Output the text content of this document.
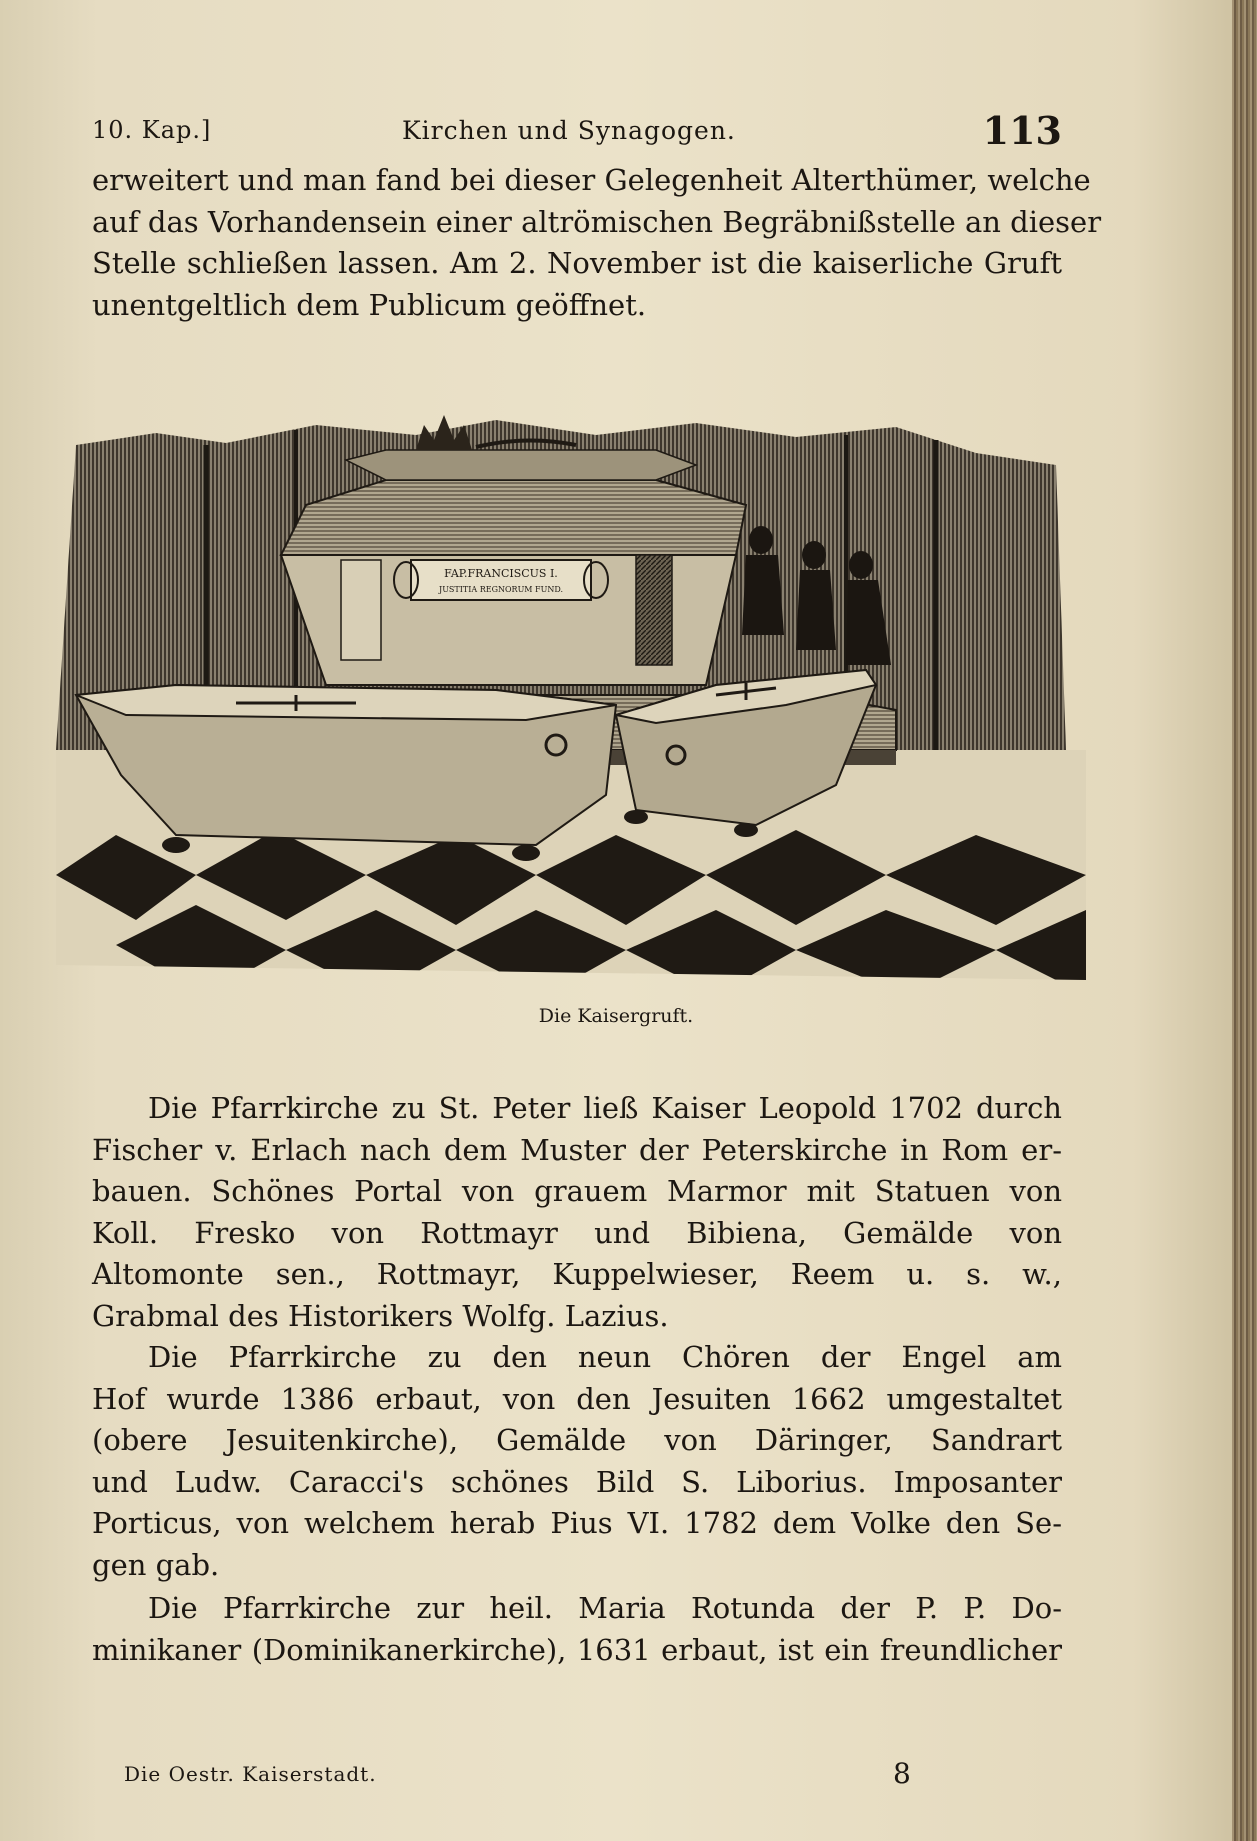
10. Kap.]	Kirchen und Synagogen.	113

erweitert und man fand bei dieser Gelegenheit Alterthümer, welche
auf das Vorhandensein einer altrömischen Begräbnißstelle an dieser
Stelle schließen lassen. Am 2. November ist die kaiserliche Gruft
unentgeltlich dem Publicum geöffnet.

FAP.FRANCISCUS I.
JUSTITIA REGNORUM FUND.
Die Kaisergruft.

Die Pfarrkirche zu St. Peter ließ Kaiser Leopold 1702 durch
Fischer v. Erlach nach dem Muster der Peterskirche in Rom er-
bauen. Schönes Portal von grauem Marmor mit Statuen von
Koll. Fresko von Rottmayr und Bibiena, Gemälde von
Altomonte sen., Rottmayr, Kuppelwieser, Reem u. s. w.,
Grabmal des Historikers Wolfg. Lazius.

Die Pfarrkirche zu den neun Chören der Engel am
Hof wurde 1386 erbaut, von den Jesuiten 1662 umgestaltet
(obere Jesuitenkirche), Gemälde von Däringer, Sandrart
und Ludw. Caracci's schönes Bild S. Liborius. Imposanter
Porticus, von welchem herab Pius VI. 1782 dem Volke den Se-
gen gab.

Die Pfarrkirche zur heil. Maria Rotunda der P. P. Do-
minikaner (Dominikanerkirche), 1631 erbaut, ist ein freundlicher

Die Oestr. Kaiserstadt.	8
